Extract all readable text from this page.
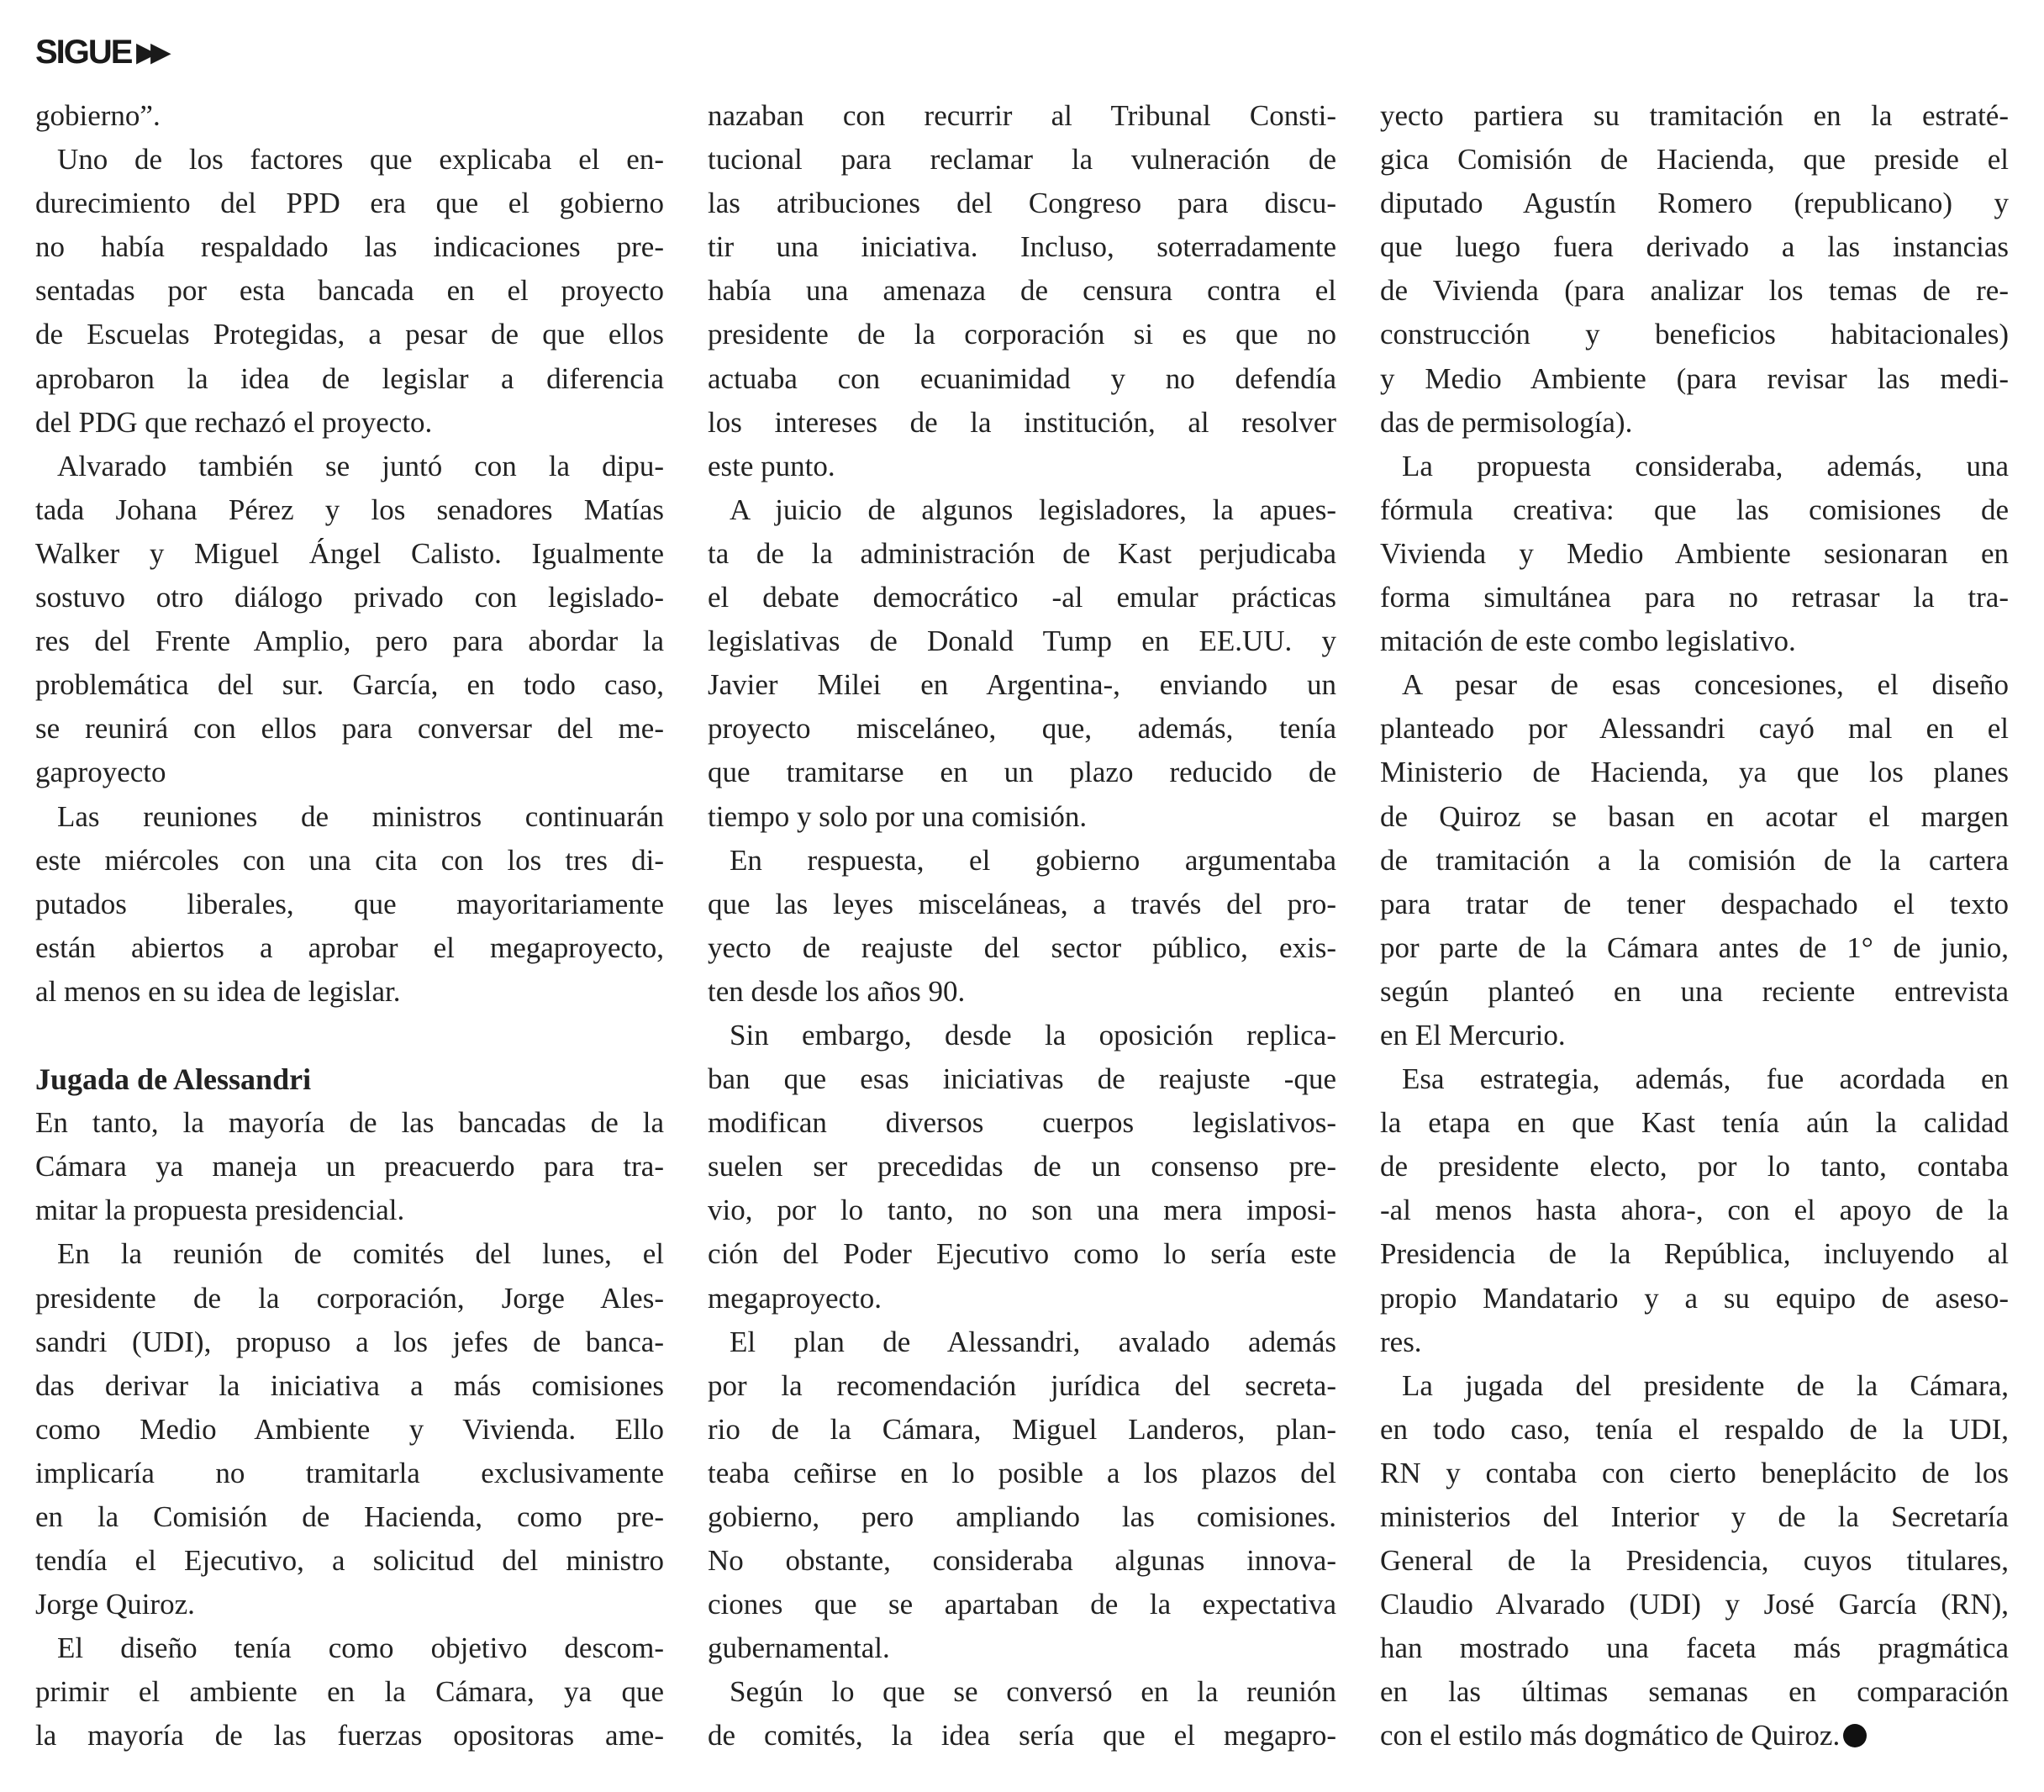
SIGUE ▶▶
gobierno”.
Uno de los factores que explicaba el en-
durecimiento del PPD era que el gobierno
no había respaldado las indicaciones pre-
sentadas por esta bancada en el proyecto
de Escuelas Protegidas, a pesar de que ellos
aprobaron la idea de legislar a diferencia
del PDG que rechazó el proyecto.
Alvarado también se juntó con la dipu-
tada Johana Pérez y los senadores Matías
Walker y Miguel Ángel Calisto. Igualmente
sostuvo otro diálogo privado con legislado-
res del Frente Amplio, pero para abordar la
problemática del sur. García, en todo caso,
se reunirá con ellos para conversar del me-
gaproyecto
Las reuniones de ministros continuarán
este miércoles con una cita con los tres di-
putados liberales, que mayoritariamente
están abiertos a aprobar el megaproyecto,
al menos en su idea de legislar.
Jugada de Alessandri
En tanto, la mayoría de las bancadas de la
Cámara ya maneja un preacuerdo para tra-
mitar la propuesta presidencial.
En la reunión de comités del lunes, el
presidente de la corporación, Jorge Ales-
sandri (UDI), propuso a los jefes de banca-
das derivar la iniciativa a más comisiones
como Medio Ambiente y Vivienda. Ello
implicaría no tramitarla exclusivamente
en la Comisión de Hacienda, como pre-
tendía el Ejecutivo, a solicitud del ministro
Jorge Quiroz.
El diseño tenía como objetivo descom-
primir el ambiente en la Cámara, ya que
la mayoría de las fuerzas opositoras ame-
nazaban con recurrir al Tribunal Consti-
tucional para reclamar la vulneración de
las atribuciones del Congreso para discu-
tir una iniciativa. Incluso, soterradamente
había una amenaza de censura contra el
presidente de la corporación si es que no
actuaba con ecuanimidad y no defendía
los intereses de la institución, al resolver
este punto.
A juicio de algunos legisladores, la apues-
ta de la administración de Kast perjudicaba
el debate democrático -al emular prácticas
legislativas de Donald Tump en EE.UU. y
Javier Milei en Argentina-, enviando un
proyecto misceláneo, que, además, tenía
que tramitarse en un plazo reducido de
tiempo y solo por una comisión.
En respuesta, el gobierno argumentaba
que las leyes misceláneas, a través del pro-
yecto de reajuste del sector público, exis-
ten desde los años 90.
Sin embargo, desde la oposición replica-
ban que esas iniciativas de reajuste -que
modifican diversos cuerpos legislativos-
suelen ser precedidas de un consenso pre-
vio, por lo tanto, no son una mera imposi-
ción del Poder Ejecutivo como lo sería este
megaproyecto.
El plan de Alessandri, avalado además
por la recomendación jurídica del secreta-
rio de la Cámara, Miguel Landeros, plan-
teaba ceñirse en lo posible a los plazos del
gobierno, pero ampliando las comisiones.
No obstante, consideraba algunas innova-
ciones que se apartaban de la expectativa
gubernamental.
Según lo que se conversó en la reunión
de comités, la idea sería que el megapro-
yecto partiera su tramitación en la estraté-
gica Comisión de Hacienda, que preside el
diputado Agustín Romero (republicano) y
que luego fuera derivado a las instancias
de Vivienda (para analizar los temas de re-
construcción y beneficios habitacionales)
y Medio Ambiente (para revisar las medi-
das de permisología).
La propuesta consideraba, además, una
fórmula creativa: que las comisiones de
Vivienda y Medio Ambiente sesionaran en
forma simultánea para no retrasar la tra-
mitación de este combo legislativo.
A pesar de esas concesiones, el diseño
planteado por Alessandri cayó mal en el
Ministerio de Hacienda, ya que los planes
de Quiroz se basan en acotar el margen
de tramitación a la comisión de la cartera
para tratar de tener despachado el texto
por parte de la Cámara antes de 1° de junio,
según planteó en una reciente entrevista
en El Mercurio.
Esa estrategia, además, fue acordada en
la etapa en que Kast tenía aún la calidad
de presidente electo, por lo tanto, contaba
-al menos hasta ahora-, con el apoyo de la
Presidencia de la República, incluyendo al
propio Mandatario y a su equipo de aseso-
res.
La jugada del presidente de la Cámara,
en todo caso, tenía el respaldo de la UDI,
RN y contaba con cierto beneplácito de los
ministerios del Interior y de la Secretaría
General de la Presidencia, cuyos titulares,
Claudio Alvarado (UDI) y José García (RN),
han mostrado una faceta más pragmática
en las últimas semanas en comparación
con el estilo más dogmático de Quiroz.
